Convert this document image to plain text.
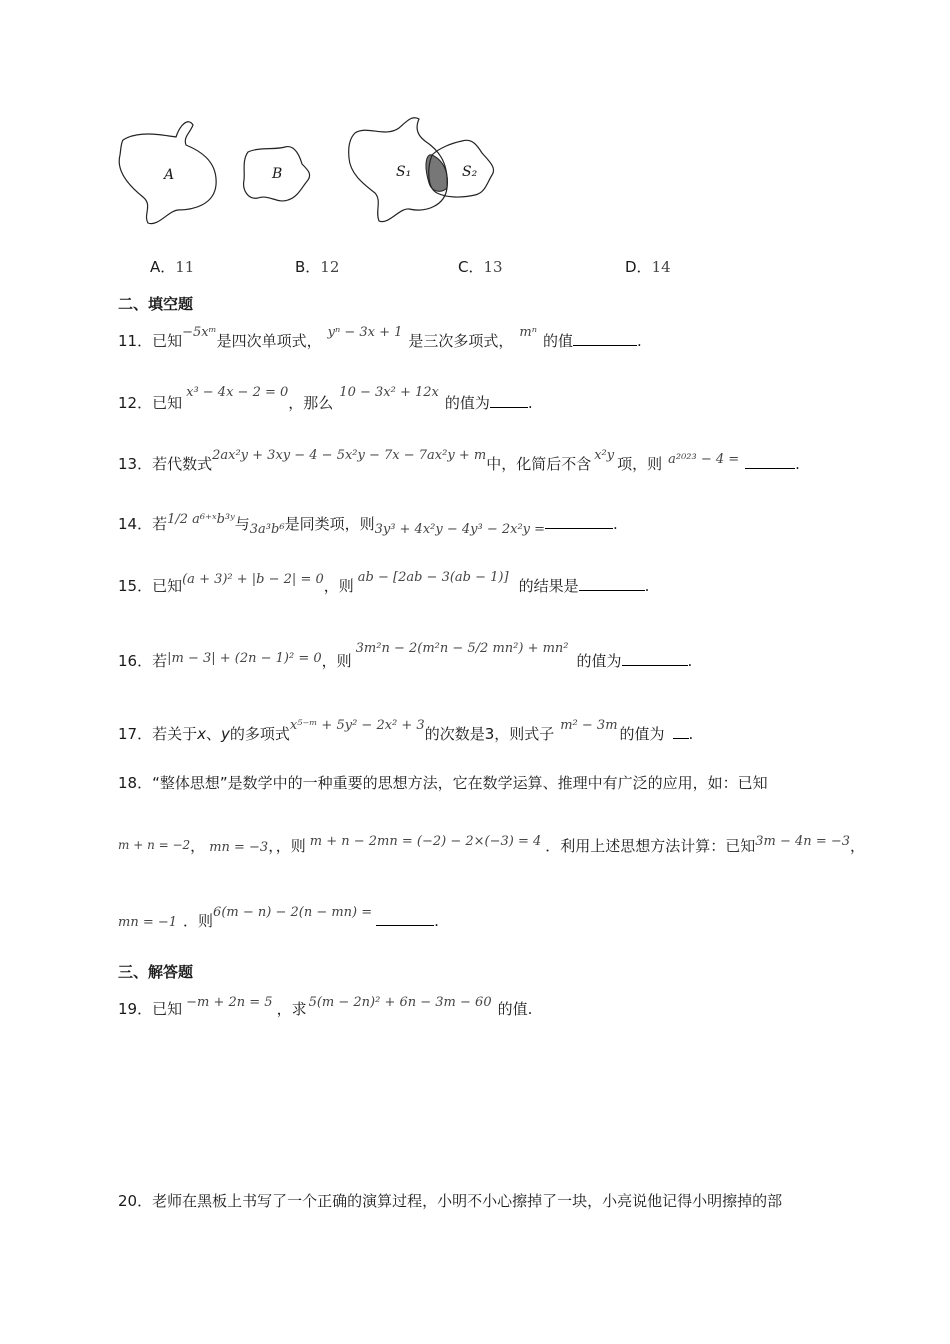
A	B	S₁	S₂
A．11	B．12	C．13	D．14
二、填空题
11．已知−5xᵐ是四次单项式， yⁿ − 3x + 1 是三次多项式， mⁿ 的值	.
12．已知x³ − 4x − 2 = 0，那么10 − 3x² + 12x的值为	.
13．若代数式2ax²y + 3xy − 4 − 5x²y − 7x − 7ax²y + m中，化简后不含 x²y 项，则 a²⁰²³ − 4 =	.
14．若1/2 a⁶⁺ˣb³ʸ与3a³b⁶是同类项，则3y³ + 4x²y − 4y³ − 2x²y =	.
15．已知(a + 3)² + |b − 2| = 0，则 ab − [2ab − 3(ab − 1)] 的结果是	.
16．若|m − 3| + (2n − 1)² = 0，则3m²n − 2(m²n − 5/2 mn²) + mn²的值为	.
17．若关于x、y的多项式x⁵⁻ᵐ + 5y² − 2x² + 3的次数是3，则式子 m² − 3m 的值为 .
18．“整体思想”是数学中的一种重要的思想方法，它在数学运算、推理中有广泛的应用，如：已知
m + n = −2， mn = −3，，则 m + n − 2mn = (−2) − 2×(−3) = 4 ．利用上述思想方法计算：已知3m − 4n = −3，
mn = −1 ．则6(m − n) − 2(n − mn) =	.
三、解答题
19．已知 −m + 2n = 5 ，求 5(m − 2n)² + 6n − 3m − 60 的值.
20．老师在黑板上书写了一个正确的演算过程，小明不小心擦掉了一块，小亮说他记得小明擦掉的部
